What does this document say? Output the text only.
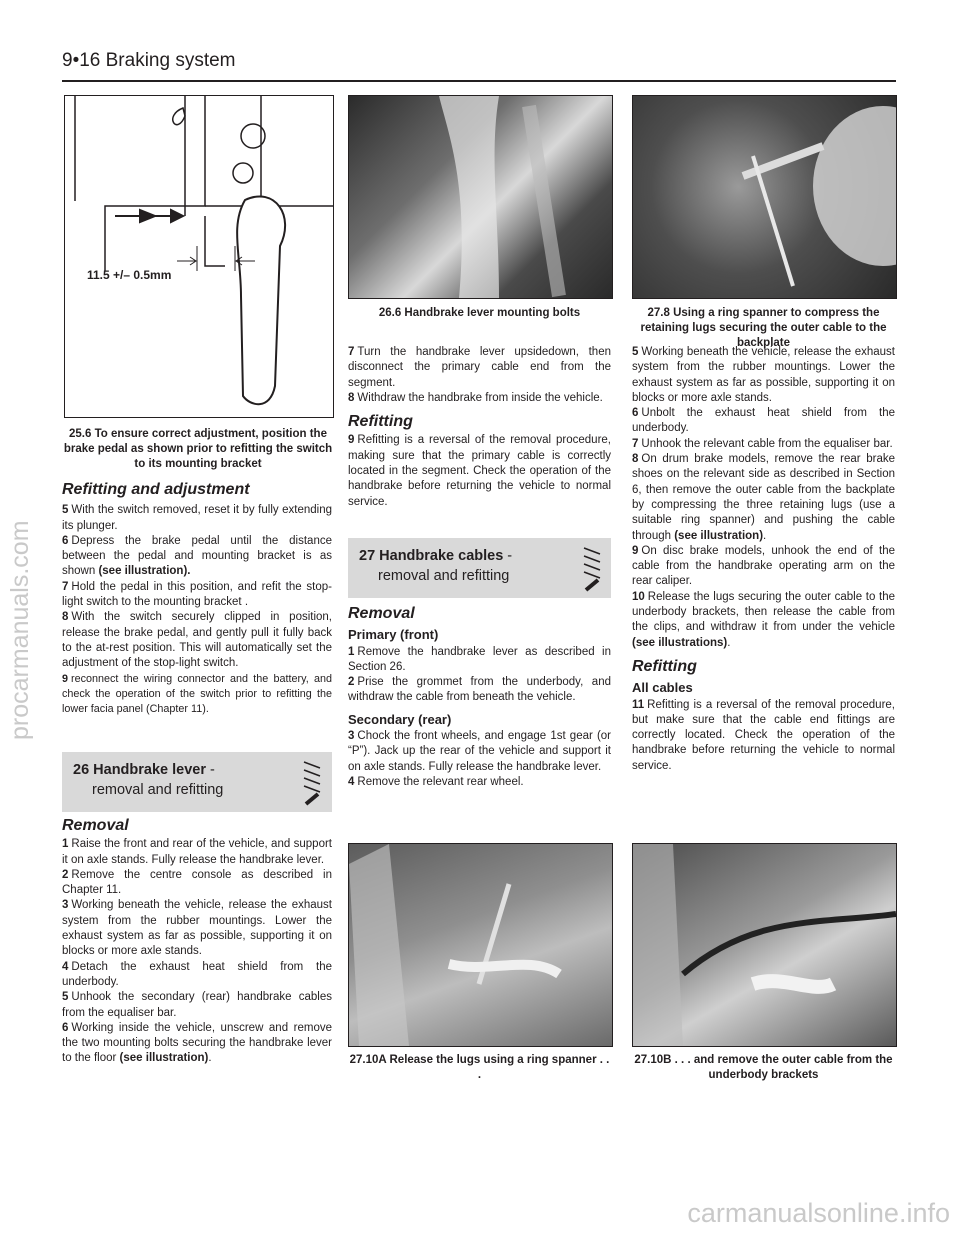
9•16 Braking system
procarmanuals.com
carmanualsonline.info
11.5 +/– 0.5mm
25.6 To ensure correct adjustment, position the brake pedal as shown prior to refitting the switch to its mounting bracket
26.6 Handbrake lever mounting bolts	27.8 Using a ring spanner to compress the retaining lugs securing the outer cable to the backplate
Refitting and adjustment

5 With the switch removed, reset it by fully extending its plunger.

6 Depress the brake pedal until the distance between the pedal and mounting bracket is as shown (see illustration).

7 Hold the pedal in this position, and refit the stop-light switch to the mounting bracket .

8 With the switch securely clipped in position, release the brake pedal, and gently pull it fully back to the at-rest position. This will automatically set the adjustment of the stop-light switch.

9 reconnect the wiring connector and the battery, and check the operation of the switch prior to refitting the lower facia panel (Chapter 11).

26 Handbrake lever -
removal and refitting
Removal

1 Raise the front and rear of the vehicle, and support it on axle stands. Fully release the handbrake lever.

2 Remove the centre console as described in Chapter 11.

3 Working beneath the vehicle, release the exhaust system from the rubber mountings. Lower the exhaust system as far as possible, supporting it on blocks or more axle stands.

4 Detach the exhaust heat shield from the underbody.

5 Unhook the secondary (rear) handbrake cables from the equaliser bar.

6 Working inside the vehicle, unscrew and remove the two mounting bolts securing the handbrake lever to the floor (see illustration).

7 Turn the handbrake lever upsidedown, then disconnect the primary cable end from the segment.

8 Withdraw the handbrake from inside the vehicle.

Refitting

9 Refitting is a reversal of the removal procedure, making sure that the primary cable is correctly located in the segment. Check the operation of the handbrake before returning the vehicle to normal service.

27 Handbrake cables -
removal and refitting
Removal
Primary (front)

1 Remove the handbrake lever as described in Section 26.

2 Prise the grommet from the underbody, and withdraw the cable from beneath the vehicle.

Secondary (rear)

3 Chock the front wheels, and engage 1st gear (or “P”). Jack up the rear of the vehicle and support it on axle stands. Fully release the handbrake lever.

4 Remove the relevant rear wheel.

5 Working beneath the vehicle, release the exhaust system from the rubber mountings. Lower the exhaust system as far as possible, supporting it on blocks or more axle stands.

6 Unbolt the exhaust heat shield from the underbody.

7 Unhook the relevant cable from the equaliser bar.

8 On drum brake models, remove the rear brake shoes on the relevant side as described in Section 6, then remove the outer cable from the backplate by compressing the three retaining lugs (use a suitable ring spanner) and pushing the cable through (see illustration).

9 On disc brake models, unhook the end of the cable from the handbrake operating arm on the rear caliper.

10 Release the lugs securing the outer cable to the underbody brackets, then release the cable from the clips, and withdraw it from under the vehicle (see illustrations).

Refitting
All cables

11 Refitting is a reversal of the removal procedure, but make sure that the cable end fittings are correctly located. Check the operation of the handbrake before returning the vehicle to normal service.

27.10A Release the lugs using a ring spanner . . .
27.10B . . . and remove the outer cable from the underbody brackets
